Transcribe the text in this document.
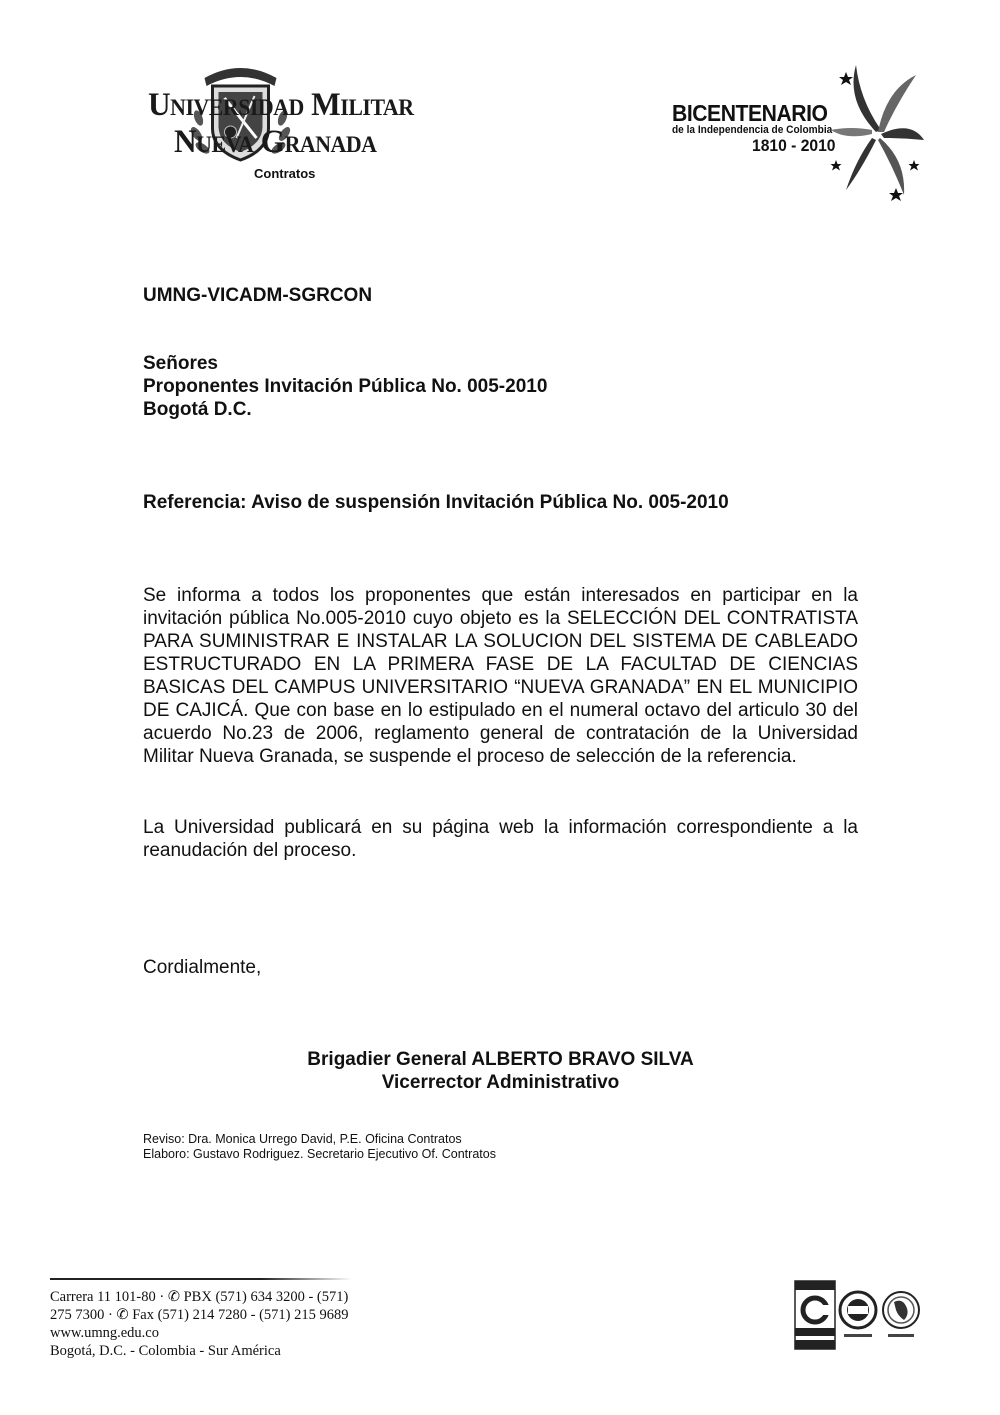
Universidad Militar
Nueva Granada
Contratos
BICENTENARIO
de la Independencia de Colombia
1810 - 2010
UMNG-VICADM-SGRCON
Señores
Proponentes Invitación Pública No. 005-2010
Bogotá D.C.
Referencia: Aviso de suspensión Invitación Pública No. 005-2010
Se informa a todos los proponentes que están interesados en participar en la invitación pública No.005-2010 cuyo objeto es la SELECCIÓN DEL CONTRATISTA PARA SUMINISTRAR E INSTALAR LA SOLUCION DEL SISTEMA DE CABLEADO ESTRUCTURADO EN LA PRIMERA FASE DE LA FACULTAD DE CIENCIAS BASICAS DEL CAMPUS UNIVERSITARIO “NUEVA GRANADA” EN EL MUNICIPIO DE CAJICÁ. Que con base en lo estipulado en el numeral octavo del articulo 30 del acuerdo No.23 de 2006, reglamento general de contratación de la Universidad Militar Nueva Granada, se suspende el proceso de selección de la referencia.
La Universidad publicará en su página web la información correspondiente a la reanudación del proceso.
Cordialmente,
Brigadier General ALBERTO BRAVO SILVA
Vicerrector Administrativo
Reviso: Dra. Monica Urrego David, P.E. Oficina Contratos
Elaboro: Gustavo Rodriguez. Secretario Ejecutivo Of. Contratos
Carrera 11 101-80 · ✆ PBX (571) 634 3200 - (571)
275 7300 · ✆ Fax (571) 214 7280 - (571) 215 9689
www.umng.edu.co
Bogotá, D.C. - Colombia - Sur América
